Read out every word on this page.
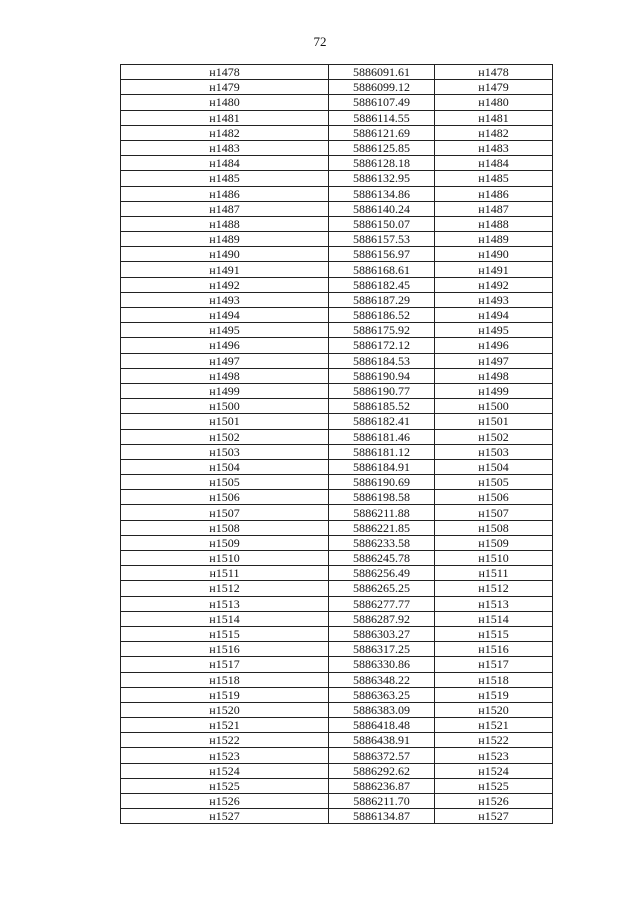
72
н1478	5886091.61	н1478
н1479	5886099.12	н1479
н1480	5886107.49	н1480
н1481	5886114.55	н1481
н1482	5886121.69	н1482
н1483	5886125.85	н1483
н1484	5886128.18	н1484
н1485	5886132.95	н1485
н1486	5886134.86	н1486
н1487	5886140.24	н1487
н1488	5886150.07	н1488
н1489	5886157.53	н1489
н1490	5886156.97	н1490
н1491	5886168.61	н1491
н1492	5886182.45	н1492
н1493	5886187.29	н1493
н1494	5886186.52	н1494
н1495	5886175.92	н1495
н1496	5886172.12	н1496
н1497	5886184.53	н1497
н1498	5886190.94	н1498
н1499	5886190.77	н1499
н1500	5886185.52	н1500
н1501	5886182.41	н1501
н1502	5886181.46	н1502
н1503	5886181.12	н1503
н1504	5886184.91	н1504
н1505	5886190.69	н1505
н1506	5886198.58	н1506
н1507	5886211.88	н1507
н1508	5886221.85	н1508
н1509	5886233.58	н1509
н1510	5886245.78	н1510
н1511	5886256.49	н1511
н1512	5886265.25	н1512
н1513	5886277.77	н1513
н1514	5886287.92	н1514
н1515	5886303.27	н1515
н1516	5886317.25	н1516
н1517	5886330.86	н1517
н1518	5886348.22	н1518
н1519	5886363.25	н1519
н1520	5886383.09	н1520
н1521	5886418.48	н1521
н1522	5886438.91	н1522
н1523	5886372.57	н1523
н1524	5886292.62	н1524
н1525	5886236.87	н1525
н1526	5886211.70	н1526
н1527	5886134.87	н1527
